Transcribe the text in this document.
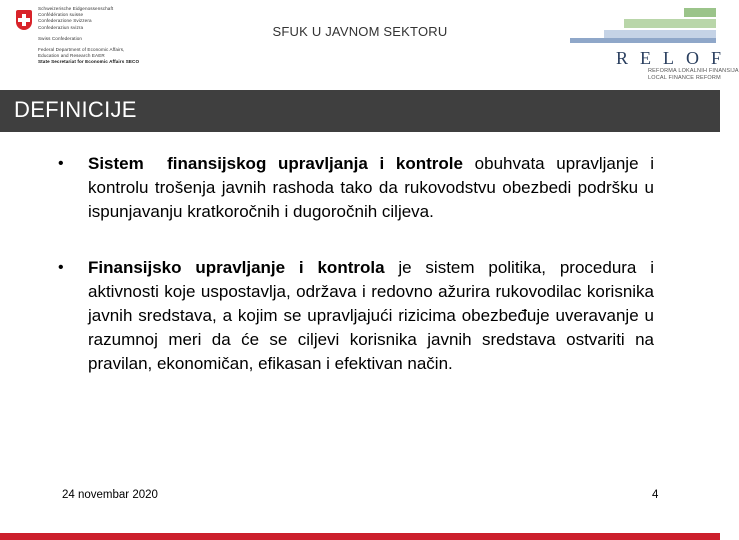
Schweizerische Eidgenossenschaft
Confédération suisse
Confederazione Svizzera
Confederaziun svizra
Swiss Confederation
Federal Department of Economic Affairs,
Education and Research EAER
State Secretariat for Economic Affairs SECO
SFUK U JAVNOM SEKTORU
RELOF
REFORMA LOKALNIH FINANSIJA
LOCAL FINANCE REFORM
DEFINICIJE
• Sistem  finansijskog upravljanja i kontrole obuhvata upravljanje i kontrolu trošenja javnih rashoda tako da rukovodstvu obezbedi podršku u ispunjavanju kratkoročnih i dugoročnih ciljeva.

• Finansijsko upravljanje i kontrola je sistem politika, procedura i aktivnosti koje uspostavlja, održava i redovno ažurira rukovodilac korisnika javnih sredstava, a kojim se upravljajući rizicima obezbeđuje uveravanje u razumnoj meri da će se ciljevi korisnika javnih sredstava ostvariti na pravilan, ekonomičan, efikasan i efektivan način.

24 novembar 2020	4
